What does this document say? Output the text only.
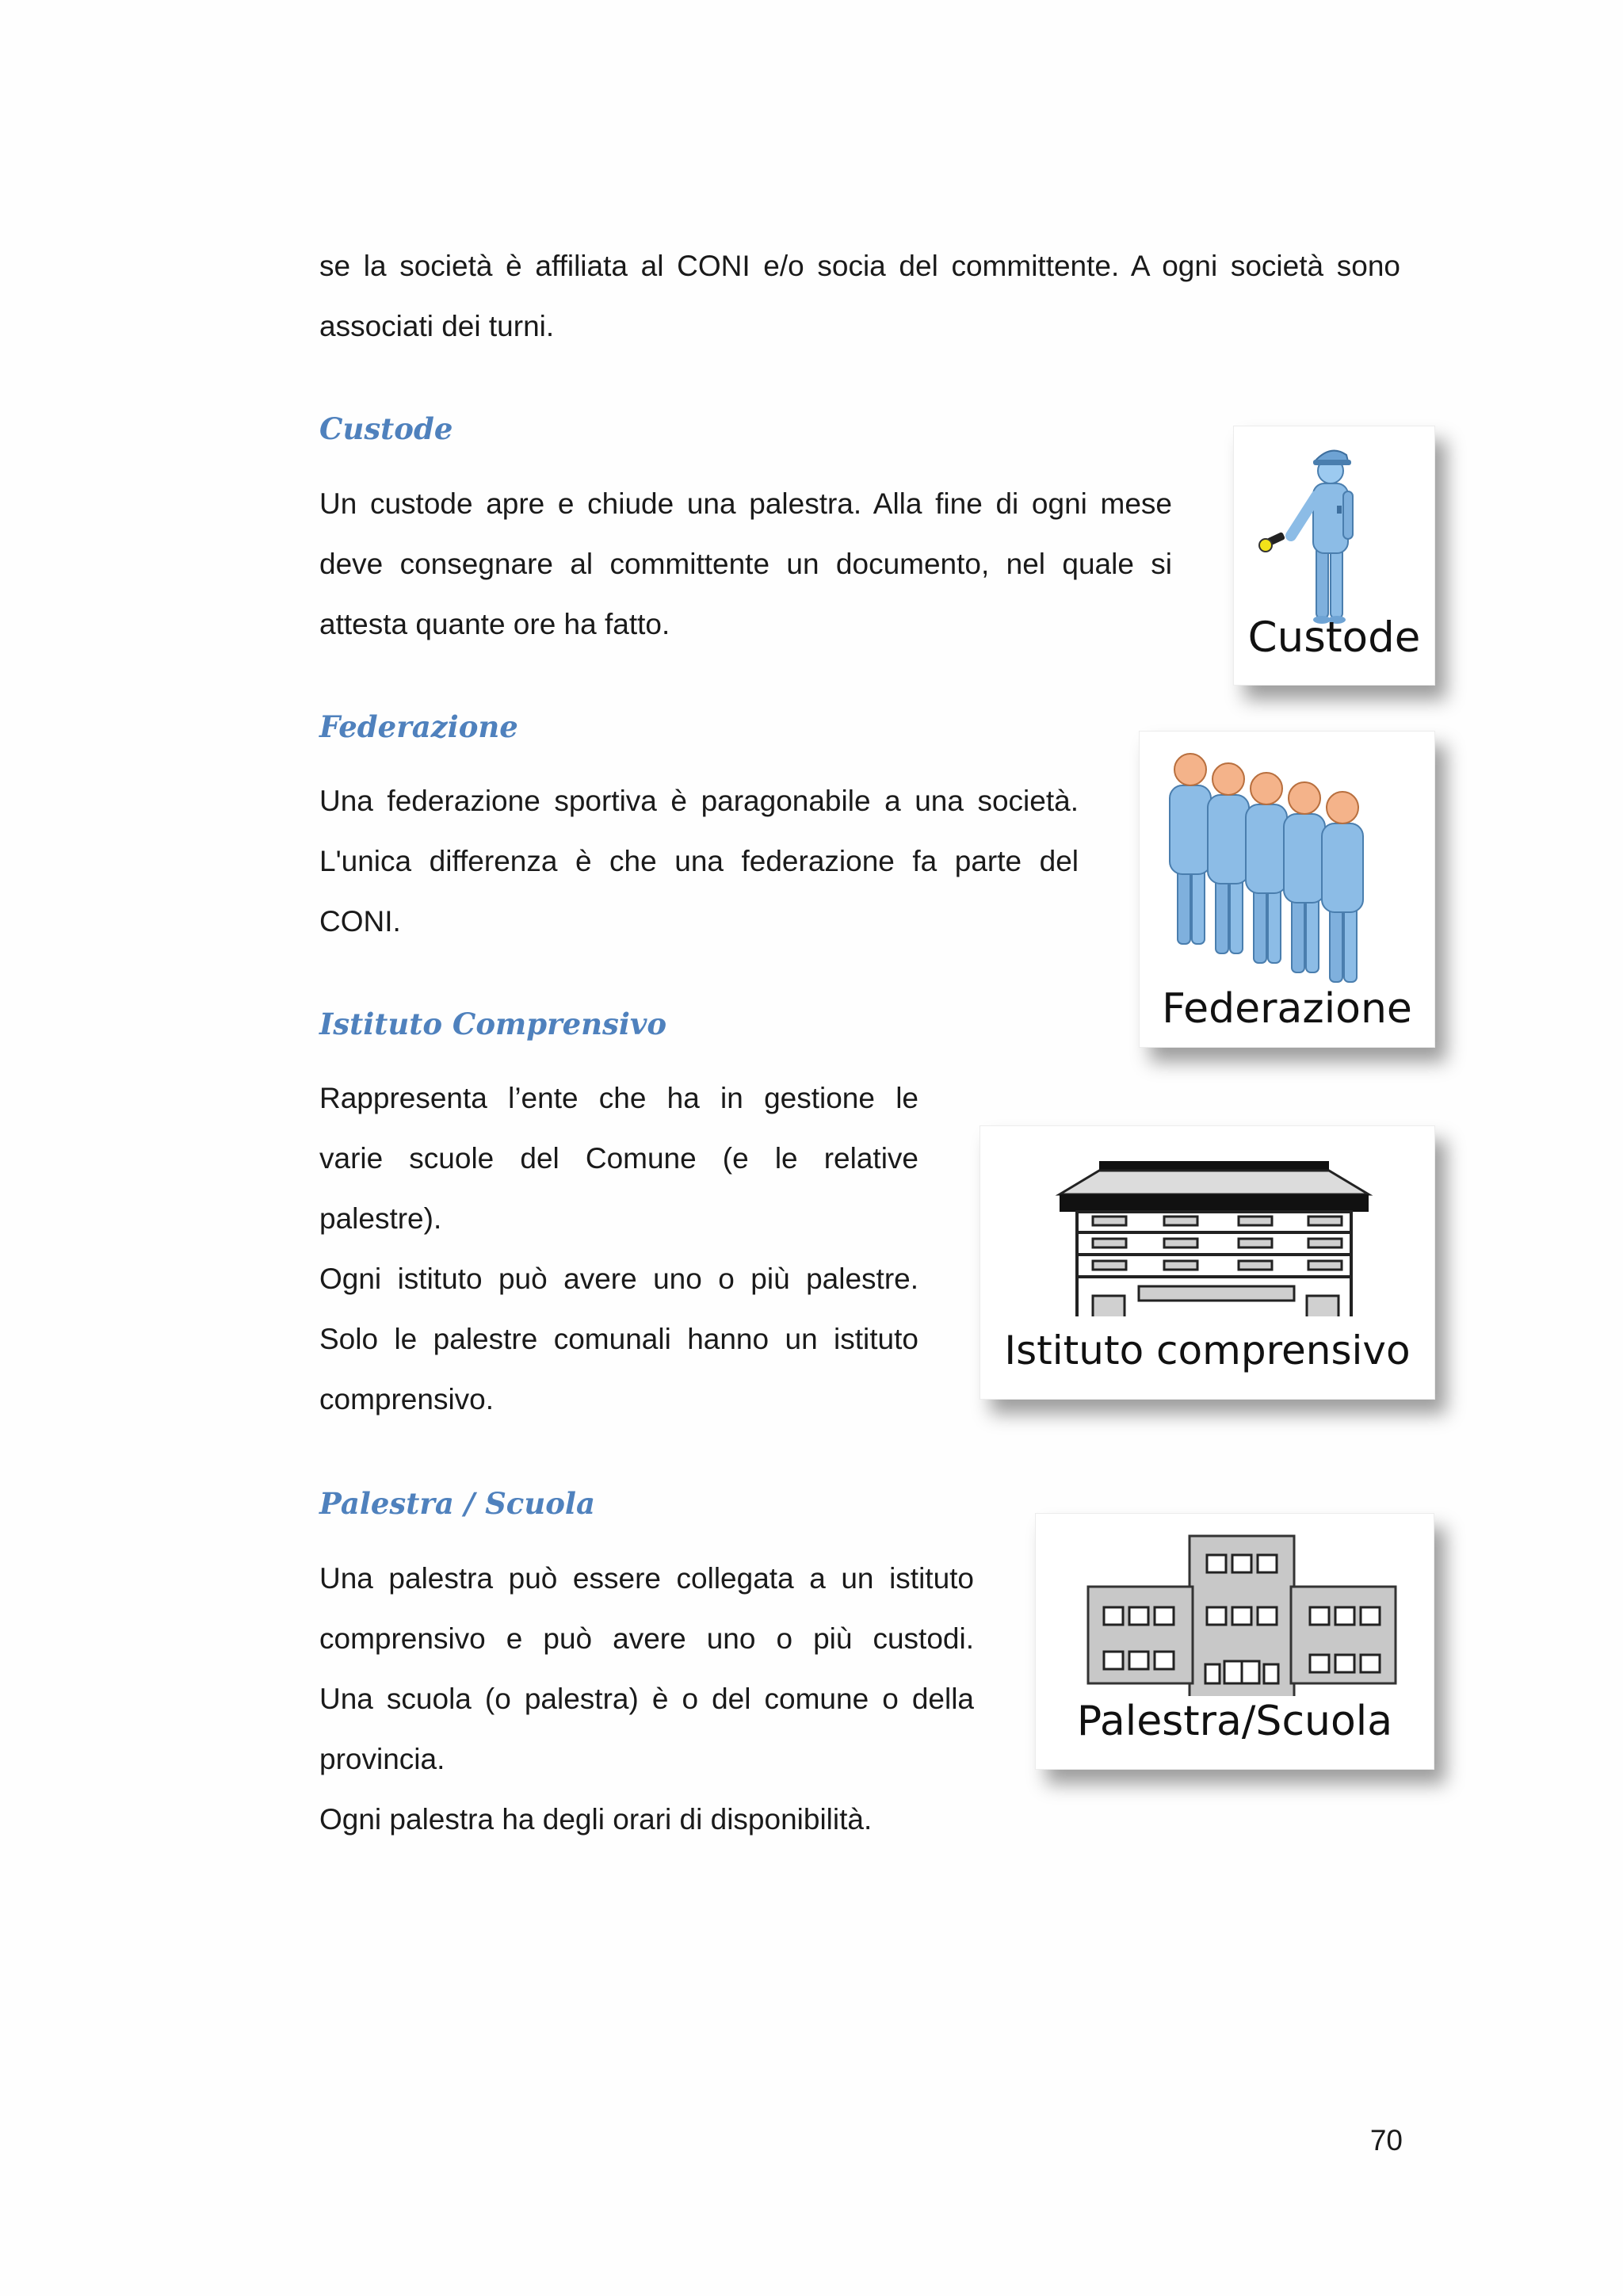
se la società è affiliata al CONI e/o socia del committente. A ogni società sono

associati dei turni.

Custode

Un custode apre e chiude una palestra. Alla fine di ogni mese

deve consegnare al committente un documento, nel quale si

attesta quante ore ha fatto.	Custode
Federazione

Una federazione sportiva è paragonabile a una società.

L'unica differenza è che una federazione fa parte del

CONI.

Federazione
Istituto Comprensivo

Rappresenta l’ente che ha in gestione le

varie scuole del Comune (e le relative

palestre).

Ogni istituto può avere uno o più palestre.

Solo le palestre comunali hanno un istituto

comprensivo.

Istituto comprensivo
Palestra / Scuola

Una palestra può essere collegata a un istituto

comprensivo e può avere uno o più custodi.

Una scuola (o palestra) è o del comune o della

provincia.

Ogni palestra ha degli orari di disponibilità.

Palestra/Scuola
70
